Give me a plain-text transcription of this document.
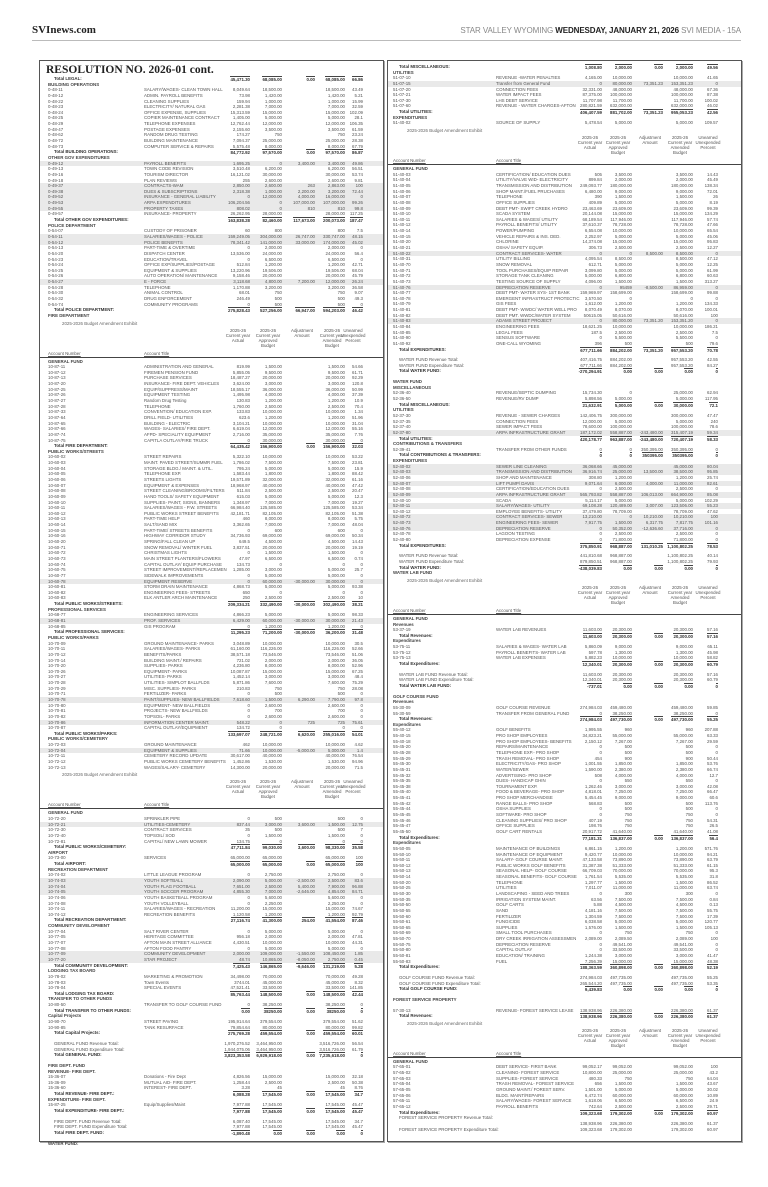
SVInews.com	STAR VALLEY WYOMING WEDNESDAY, JANUARY 21, 2026 SVI MEDIA - 15A
RESOLUTION NO. 2026-01 cont.
Total LEGAL:	45,471.30	68,085.00	0.00 68,085.00 66.86
BUILDING OPERATIONS
0-48-11	SALARY/WAGES- CLEAN TOWN HALL 8,049.64	18,500.00	18,500.00 43.49
0-48-12	ADMIN. PAYROLL BENEFITS	73.98	1,420.00	1,420.00 5.21
0-48-22	CLEANING SUPPLIES	159.94	1,000.00	1,000.00 15.99
0-48-23	ELECTRICITY/ NATURAL GAS	2,281.38	7,000.00	7,000.00 32.59
0-48-24	OFFICE EXPENSE, SUPPLIES	15,313.59	15,000.00	15,000.00 102.09
0-48-25	COPIER MAINTENANCE CONTRACT	1,405.00	5,000.00	5,000.00 28.1
0-48-29	TELEPHONE EXPENSES	12,762.44	12,000.00	12,000.00 106.35
0-48-47	POSTAGE EXPENSES	2,155.60	3,500.00	3,500.00 61.59
0-48-62	RANDOM DRUG TESTING	174.27	750	750 23.24
0-48-72	BUILDING MAINTENANCE	7,094.37	25,000.00	25,000.00 28.38
0-48-73	COMPUTER SERVICE & REPAIRS	5,575.48	8,000.00	8,000.00 67.79
Total BUILDING OPERATIONS:	84,772.92	97,570.00	0.00 97,570.00 86.87
OTHER GOV EXPENDITURES
0-49-12	PAYROLL BENEFITS	1,695.25	0	3,400.00	3,400.00 49.86
0-49-13	TOWN CODE REVISION	3,510.48	6,200.00	6,200.00 56.51
0-49-16	TOURISM DIRECTOR	16,121.02	30,000.00	30,000.00 53.74
0-49-18	PLAN REVIEWS	255	2,600.00	2,600.00 9.81
0-49-37	CONTRACTS-WAM	2,850.00	2,600.00	263	2,863.00 100
0-49-38	DUES & SUBSCRIPTIONS	2,318.38	1,000.00	2,200.00	3,200.00 72.44
0-49-52	INSURANCE - GENERAL LIABILITY	0	12,000.00	4,000.00 16,000.00	0
0-49-53	ARPA EXPENDITURES	106,204.56	0	107,000.00 107,000.00 99.26
0-49-55	PROPERTY TAXES	808.02	0	810	810 99.8
0-49-57	INSURANCE- PROPERTY	26,262.95	28,000.00	28,000.00 117.25
Total OTHER GOV EXPENDITURES:	163,838.28	82,460.00	117,673.00 200,073.00 187.47
POLICE DEPARTMENT
0-54-07	CUSTODY OF PRISONER	60	800	800	7.5
0-54-11	SALARIES/WAGES - POLICE	159,249.05 304,000.00	26,747.00 330,747.00 48.15
0-54-12	POLICE BENEFITS	78,341.42 141,000.00	33,000.00 174,000.00 45.02
0-54-13	PART-TIME & OVERTIME	0	2,000.00	2,000.00	0
0-54-20	DISPATCH CENTER	13,536.00	24,000.00	24,000.00 56.4
0-54-23	EDUCATION/TRAVEL	0	6,500.00	6,500.00	0
0-54-24	OFFICE EXP/SUPPLIES/POSTAGE	512.84	1,200.00	1,200.00 42.71
0-54-25	EQUIPMENT & SUPPLIES	13,220.96	19,506.00	19,506.00 68.04
0-54-26	AUTO OPERATION/ MAINTENANCE	9,158.46	20,000.00	20,000.00 45.79
0-54-27	E - FORCE	3,118.68	4,800.00	7,200.00 12,000.00 26.24
0-54-28	TELEPHONE	1,170.88	3,200.00	3,200.00 36.58
0-54-30	ANIMAL CONTROL	68.01	750	750 9.07
0-54-32	DRUG ENFORCEMENT	246.49	500	500 49.3
0-54-74	COMMUNITY PROGRAMS	0	500	500	0
Total POLICE DEPARTMENT:	275,828.43 527,256.00	66,947.00 594,203.00 46.42
FIRE DEPARTMENT
2025-2026 Budget Amendment Exhibit
Account Number	Account Title
2025-26
Current year
Actual
2025-26
Current year
Approved
Budget
Adjustment
Amount
2025-26
Current year
Amended
Budget
Unearned
Unexpended
Percent
GENERAL FUND
10-87-11	ADMINISTRATION AND GENERAL	819.99	1,500.00	1,500.00 54.66
10-87-12	FIREMEN PENSION FUND	5,855.05	9,500.00	9,500.00 61.71
10-87-13	PURCHASE SERVICES	18,487.27	20,000.00	20,000.00 92.29
10-87-20	INSURANCE- FIRE DEPT. VEHICLES	3,624.00	3,000.00	3,000.00 120.8
10-87-25	EQUIP/SUPPRESS/MAINT	18,555.17	36,000.00	36,000.00 50.99
10-87-26	EQUIPMENT TESTING	1,495.98	4,000.00	4,000.00 37.39
10-87-27	Random Drug Testing	130.83	1,200.00	1,200.00 10.9
10-87-28	TELEPHONE	1,760.00	2,500.00	2,500.00 70.4
10-87-33	CONVENTION/ EDUCATION EXP.	133.83	10,000.00	10,000.00 1.34
10-87-64	DRILL FIELD- UTILITIES	623.6	1,200.00	1,200.00 51.96
10-87-65	BUILDING - ELECTRIC	3,104.21	10,000.00	10,000.00 31.04
10-87-66	WAGES- SALARIES/ FIRE DEPT.	6,619.04	12,000.00	12,000.00 55.16
10-87-74	AFPD- SPECIALITY EQUIPMENT	2,716.00	35,000.00	35,000.00 7.76
10-87-75	CAPITLA OUTLAY/FIRE TRUCK	0	30,000.00	30,000.00	0
Total FIRE DEPARTMENT:	64,435.42 156,900.00	0.00 156,900.00 32.03
PUBLIC WORKS/STREETS
10-60-02	STREET REPAIRS	5,322.10	10,000.00	10,000.00 53.22
10-60-03	MAINT. PAVED STREET/SUMMR FUEL 1,786.02	7,500.00	7,500.00 23.81
10-60-04	STORAGE BLDG./ MAINT. & UTIL.	795.24	5,000.00	5,000.00 15.9
10-60-05	TELEPHONE EXP.	1,583.44	1,800.00	1,800.00 88.42
10-60-06	STREETS LIGHTS	19,571.89	32,000.00	32,000.00 61.16
10-60-07	EQUIPMENT & EXPENSES	18,968.97	40,000.00	40,000.00 47.42
10-60-08	STREET CLEANING/BROOMS/FILTERS	511.84	2,500.00	2,500.00 20.47
10-60-09	HAND TOOLS/ SAFETY EQUIPMENT	615.03	5,000.00	5,000.00 12.3
10-60-10	SUPPLIES- PAINT, SIGNS, BANNERS	1,348.97	7,000.00	7,000.00 19.27
10-60-11	SALARIES/WAGES - P.W. STREETS	66,984.40 125,585.00	125,585.00 53.34
10-60-12	PUBLIC WORKS STREET BENEFITS	42,181.71	82,105.00	82,105.00 51.38
10-60-13	PART-TIME HELP	460	8,000.00	8,000.00 5.75
10-60-14	SALT/SAND MIX	3,362.65	7,000.00	7,000.00 48.04
10-60-15	PART-TIME/ STREETS BENEFITS	0	600	600	0
10-60-16	HIGHWAY CORRIDOR STUDY	34,736.93	69,000.00	69,000.00 50.34
10-60-20	SPRING/FALL CLEAN UP	649.5	4,500.00	4,500.00 14.43
10-60-71	SNOW REMOVAL/ WINTER FUEL	3,837.51	20,000.00	20,000.00 19.19
10-60-72	CHRISTMAS LIGHTS	0	1,500.00	1,500.00	0
10-60-73	MAIN STREET PLANTERS/FLOWERS	47.97	6,500.00	6,500.00 0.74
10-60-74	CAPITAL OUTLAY/ EQUIP PURCHASE	134.73	0	0	0
10-60-75	STREET IMPROVEMENT/REPLACEMEN 1,285.00	3,000.00	5,000.00 25.7
10-60-77	SIDEWALK IMPROVEMENTS	0	5,000.00	5,000.00	0
10-60-78	EQUIPMENT RESERVE	0	60,000.00	-30,000.00 30,000.00	0
10-60-81	STORM DRAIN MAINTENANCE	4,868.73	5,000.00	5,000.00 93.38
10-60-82	ENGINEERING FEES- STREETS	650	0	0	0
10-60-83	ELK ANTLER ARCH MAINTENANCE	250	2,500.00	2,500.00	10
Total PUBLIC WORKS/STREETS:	209,334.21 332,490.00	-30,000.00 302,490.00 38.21
PROFESSIONAL SERVICES
10-68-77	ENGINEERING SERVICES	4,866.23	5,000.00	5,000.00 98.33
10-68-81	PROF. SERVICES	6,429.00	60,000.00	-30,000.00 30,000.00 21.43
10-68-85	GIS PROGRAM	0	1,200.00	1,200.00	0
Total PROFESSIONAL SERVICES:	11,295.23	71,200.00	-30,000.00 36,200.00 31.48
PUBLIC WORKS/PARKS
10-70-09	GROUND MAINTENANCE- PARKS	3,048.89	10,000.00	10,000.00 30.5
10-70-11	SALARIES/WAGES- PARKS	61,160.00 116,226.00	116,226.00 52.66
10-70-12	BENEFITS/PARKS	38,571.18	73,546.00	73,546.00 51.06
10-70-14	BUILDING MAINT./ REPAIRS	721.02	2,000.00	2,000.00 36.05
10-70-20	SUPPLIES- PARKS	4,236.80	8,000.00	8,000.00 52.96
10-70-26	EQUIPMENT- PARKS	10,087.87	15,000.00	15,000.00 67.25
10-70-27	UTILITIES- PARKS	1,452.14	3,000.00	3,000.00 48.4
10-70-28	UTILITIES- SIMPLOT BALLFLDS	5,871.86	7,600.00	7,600.00 75.29
10-70-29	MISC. SUPPLIES- PARKS	210.83	750	750 28.08
10-70-71	FERTILIZER- PARKS	0	500	500	0
10-70-78	PAINT/SUPPLIES- NEW BALLFIELDS	7,618.60	1,500.00	6,290.00	7,790.00 97.8
10-70-80	EQUIPMENT- NEW BALLFIELDS	0	2,600.00	2,600.00	0
10-70-81	PROJECTS- NEW BALLFIELDS	0	700	700	0
10-70-82	TOPSOIL- PARKS	0	2,600.00	2,600.00	0
10-70-86	INFORMATION CENTER MAINT.	548.22	0	725	725 75.61
10-70-87	CAPITAL OUTLAY/EQUIPMENT	134.72	0	0	0
Total PUBLIC WORKS/PARKS:	133,697.07 248,721.00	6,620.00 255,016.00 54.01
PUBLIC WORKS/CEMETERY
10-72-03	GROUND MAINTENANCE	462	10,000.00	10,000.00 4.62
10-72-04	EQUIPMENT & SUPPLIES	71.66	10,000.00	-5,000.00	5,000.00	1.4
10-72-11	CEMETERY RECORD UPDATE	30,617.00	40,000.00	40,000.00 76.54
10-72-12	PUBLIC WORKS CEMETERY BENEFITS 1,452.86	1,530.00	1,530.00 94.96
10-72-13	WAGES/SALARY- CEMETERY	14,300.00	20,000.00	20,000.00 71.5
2025-2026 Budget Amendment Exhibit
Account Number	Account Title
2025-26
Current year
Actual
2025-26
Current year
Approved
Budget
Adjustment
Amount
2025-26
Current year
Amended
Budget
Unearned
Unexpended
Percent
GENERAL FUND
10-72-20	SPRINKLER PIPE	0	500	500	0
10-72-21	UTILITIES-CEMETERY	837.44	3,000.00	3,600.00	1,500.00 12.75
10-72-30	CONTRACT SERVICES	35	500	500	7
10-72-40	TOPSOIL/ SOD	0	1,500.00	1,500.00	0
10-72-81	CAPITAL/ NEW LAWN MOWER	134.75	0	0	0
Total PUBLIC WORKS/CEMETERY:	47,711.84	99,030.00	3,600.00 98,330.00 35.58
AIRPORT
10-73-00	SERVICES	65,000.00	65,000.00	65,000.00 100
Total AIRPORT:	65,000.00	65,000.00	0.00 65,000.00 100
RECREATION DEPARTMENT
10-74-02	LITTLE LEAGUE PROGRAM	0	2,750.00	2,750.00	0
10-74-03	YOUTH SOFTBALL	2,090.00	5,000.00	-2,500.00	2,500.00 83.6
10-74-04	YOUTH FLAG FOOTBALL	7,651.00	2,500.00	5,400.00	7,900.00 96.88
10-74-05	YOUTH SOCCER PROGRAM	4,855.30	7,000.00	-2,646.00	4,854.00 84.71
10-74-06	YOUTH BASKETBALL PROGRAM	0	5,600.00	5,600.00	0
10-74-08	YOUTH VOLLEYBALL	0	2,250.00	2,250.00	0
10-74-11	SALARIES/WAGES - RECREATION	11,200.00	15,000.00	15,000.00 74.67
10-74-12	RECREATION BENEFITS	1,120.58	1,200.00	1,200.00 92.79
Total RECREATION DEPARTMENT:	27,116.74	41,300.00	254.00 41,554.00 87.46
COMMUNITY DEVELOPMENT
10-77-04	SALT RIVER CENTER	0	5,000.00	5,000.00	0
10-77-05	HERITAGE COMMITTEE	956.18	2,000.00	2,000.00 47.81
10-77-07	AFTON MAIN STREET ALLIANCE	4,430.51	10,000.00	10,000.00 44.31
10-77-08	AFTON FOOD PANTRY	0	5,000.00	5,000.00	0
10-77-09	COMMUNITY DEVELOPMENT	2,000.00 109,000.00	-1,550.00 108,450.00 1.85
10-77-20	STAR PROJECT	48.74	10,865.00	-8,050.00	2,750.00 0.45
Total COMMUNITY DEVELOPMENT:	7,425.43 146,865.00	-9,646.00 131,219.00 5.28
LODGING TAX BOARD
10-78-02	MARKETING & PROMOTION	34,498.00	70,000.00	70,000.00 49.28
10-78-03	Town Events	3744.01	45,000.00	45,000.00 8.32
10-78-04	SPECIAL EVENTS	47,521.41	33,500.00	33,500.00 141.85
Total LODGING TAX BOARD:	85,763.44 148,500.00	0.00 148,500.00 42.44
TRANSFER TO OTHER FUNDS
10-80-50	TRANSFER TO GOLF COURSE FUND	0	38,250.00	38,250.00	0
Total TRANSFER TO OTHER FUNDS:	0.00	38250.00	0.00	38250.00	0
Capital Projects
10-90-70	STREET PAVING	195,914.64 379,554.00	379,554.00 51.62
10-90-85	TANK RESURFACE	79,854.64	80,000.00	80,000.00 99.82
Total Capital Projects:	275,769.28 459,554.00	0.00 459,554.00 60.01
GENERAL FUND Revenue Total:	1,970,276.52 3,464,950.00	3,516,726.00 56.54
GENERAL FUND Expenditure Total:	1,944,075.06 3,464,950.00	3,516,726.00 61.79
Total GENERAL FUND:	3,823,353.58 6,929,918.00	0.00 7,235,618.00	0
FIRE DEPT. FUND
REVENUE- FIRE DEPT.
15-36-07	Donations - Fire Dept	4,826.56	15,000.00	15,000.00 32.18
15-36-09	MUTUAL AID- FIRE DEPT.	1,258.44	2,500.00	2,500.00 50.38
15-36-60	INTEREST- FIRE DEPT.	3.28	45	45 8.76
Total REVENUE- FIRE DEPT.:	6,088.28	17,545.00	0.00 17,545.00 34.7
EXPENDITURE- FIRE DEPT.
15-87-25	Equip/Supplies/Maint	7,977.88	17,545.00	17,545.00 45.47
Total EXPENDITURE- FIRE DEPT.:	7,977.88	17,545.00	0.00 17,545.00 45.47
FIRE DEPT. FUND Revenue Total:	6,087.40	17,545.00	17,545.00 34.7
FIRE DEPT. FUND Expenditure Total:	7,977.88	17,545.00	17,545.00 45.47
Total FIRE DEPT. FUND:	-1,890.48	0.00	0.00	0.00	0
WATER FUND:
Total MISCELLANEOUS:	1,008.80	2,000.00	0.00	2,000.00	49.56
UTILITIES
51-07-10	REVENUE -WATER PENALTIES	4,165.00 10,000.00	10,000.00	41.65
51-07-15	Transfer from General Fund	0 80,000.00	73,351.23 153,351.23	0
51-07-20	CONNECTION FEES	32,331.00 48,000.00	48,000.00	67.36
51-07-21	WATER IMPACT FEES	87,375.00 100,000.00	100,000.00	87.38
51-07-30	LHS DEBT SERVICE	11,707.98 11,700.00	11,700.00	100.02
51-07-60	REVENUE - WATER CHARGES-AFTON 280,821.59 632,000.00	632,000.00	46.02
Total UTILITIES:	406,407.59 881,702.00	73,351.23 955,053.23	42.56
EXPENDITURES
51-40-02	SOURCE OF SUPPLY	5,478.54	5,000.00	5,000.00	109.57
2025-2026 Budget Amendment Exhibit
Account Number	Account Title
2025-26
Current year
Actual
2025-26
Current year
Approved
Budget
Adjustment
Amount
2025-26
Current year
Amended
Budget
Unearned
Unexpended
Percent
GENERAL FUND
51-40-03	CERTIFICATION/ EDUCATION DUES	505	3,500.00	3,500.00	14.43
51-40-04	UTILITY/VALVE WID- ELECTRICITY	899.84	2,000.00	2,000.00	45.49
51-40-05	TRANSMISSION AND DISTRIBUTION 249,093.77 180,000.00	180,000.00	138.34
51-40-06	SHOP MAINT./FUEL PRUCHASES	6,480.00	9,000.00	9,000.00	72.01
51-40-07	TELEPHONE	390	1,500.00	1,500.00	26
51-40-08	OFFICE SUPPLIES	409.89	5,000.00	5,000.00	8.19
51-40-09	DEBT PMT- SWIFT CREEK HYDRO	23,463.69 23,609.00	23,609.00	99.39
51-40-10	SCADA SYSTEM	20,144.08 15,000.00	15,000.00	134.29
51-40-11	SALARIES & WAGES/ UTILITY	68,189.54 117,946.00	117,946.00	57.74
51-40-12	PAYROLL BENEFITS/ UTILITY	37,610.37 78,728.00	78,728.00	47.66
51-40-14	POWER/PUMPING	6,554.08 10,000.00	10,000.00	65.54
51-40-15	VEHICLE REPAIRS & INS. DED.	2,252.97	5,000.00	5,000.00	45.06
51-40-20	CHLORINE	14,374.08 15,000.00	15,000.00	95.83
51-40-21	OSHA/ SAFETY EQUIP.	306.73	2,500.00	2,500.00	12.27
51-40-22	CONTRACT SERVICES- WATER	0	0	8,500.00	8,500.00	0
51-40-31	UTILITY BILLING	4,095.54	8,500.00	8,500.00	47.12
51-40-70	SNOW REMOVAL	612.71	5,000.00	5,000.00	12.25
51-40-71	TOOL PURCHASES/EQUIP REPAIR	3,099.80	5,000.00	5,000.00	61.99
51-40-72	STORAGE TANK CLEANING	5,000.00	6,800.00	6,800.00	60.63
51-40-73	TESTING SOURCE OF SUPPLY	4,096.00	1,500.00	1,500.00	313.27
51-40-76	DEPRECIATION RESERVE	0	95459	-8,500.00 86,959.00	0
51-40-77	DEBT PMT- WATER SYS- 1ST BANK 159,969.97 158,699.00	158,699.00	99.88
51-40-78	EMERGENT INFRASTRUCT PROTECTIC 3,570.50	0	0	0
51-40-79	GIS FEES	1,612.00	1,200.00	1,200.00	134.33
51-40-81	DEBT PMT- WWDC/ WATER WELL PRO 8,070.49	8,070.00	8,070.00	100.01
51-40-82	DEBT PMT. WWDC/WATER SYSTEM	50615.05 50,616.00	50,616.00	100
51-40-83	ADAMS STREET PROJECT	0 80,000.00	73,351.20 153,351.20	0
51-40-84	ENGINEERING FEES	18,621.25 10,000.00	10,000.00	186.21
51-40-85	LEGAL FEES	187.5	2,500.00	2,500.00	7.5
51-40-90	SENSUS SOFTWARE	0	5,500.00	5,500.00	0
51-40-92	ONE-CALL WYOMING	396	500	500	79.6
Total EXPENDITURES:	677,711.66 884,202.00	73,351.20 957,553.20	70.78
WATER FUND Revenue Total:	407,416.75 884,202.00	957,553.20	42.55
WATER FUND Expenditure Total:	677,711.66 884,202.00	957,553.20	84.27
Total WATER FUND:	-270,294.91	0.00	0.00	0.00	0
WATER FUND
MISCELLANEOUS
52-36-40	REVENUE/SEPTIC DUMPING	15,734.30	0	25,000.00	62.94
52-36-50	REVENUE/RV DUMP	5,898.56	5,000.00	5,000.00	117.95
Total MISCELLANEOUS:	21,632.91	5,000.00	0.00 30,000.00	72.1
UTILITIES
52-37-30	REVENUE - SEWER CHARGES	142,406.75 300,000.00	300,000.00	47.47
52-37-35	CONNECTION FEES	12,000.00	5,000.00	5,000.00	240
52-37-40	SEWER IMPACT FEES	78,600.00 100,000.00	100,000.00	78.6
52-37-80	ARPA INFRASTRUCTURE GRANT	187,172.02 558,887.00 -243,480.00 315,407.19	59.34
Total UTILITIES:	420,178.77 963,887.00 -243,480.00 720,407.19	58.33
CONTRIBUTIONS & TRANSFERS
52-39-41	TRANSFER FROM OTHER FUNDS	0	0 350,395.00 350,395.00	0
Total CONTRIBUTIONS & TRANSFERS:	0	0 350395.00 350395.00	0
EXPENDITURES
52-40-02	SEWER LINE CLEANING	36,068.66 45,000.00	45,000.00	80.04
52-40-03	TRANSMISSION AND DISTRIBUTION 36,916.74 25,000.00	13,500.00 38,500.00	95.85
52-40-06	SHOP AND MAINTENANCE	308.80	1,200.00	1,200.00	25.74
52-40-07	LIFT PUMP/ DAVIS	9,071.64	6,000.00	4,000.00 11,000.00	82.61
52-40-08	CERTIFICATION/EDUCATION DUES	0	2,500.00	2,500.00	0
52-40-09	ARPA INFRASTRUCTURE GRANT	565,793.82 558,887.00 106,013.00 664,900.00	85.08
52-40-10	SCADA	5,114.17	5,000.00	5,000.00	102.29
52-40-11	SALARY/WAGES- UTILITY	69,108.28 120,489.00	3,007.00 123,506.00	55.23
52-40-12	EMPLOYEE BENEFITS- UTILITY	37,479.80 78,709.00	78,709.00	47.62
52-40-72	CONTRACT SERVICES- SEWER	13,210.00	0	10,210.00 10,210.00	100
52-40-73	ENGINEERING FEES- SEWER	7,917.75	1,500.00	6,317.75	7,817.75	101.16
52-40-76	DEPRECIATION RESERVE	0 50,352.00 -12,636.60 37,716.00	0
52-40-78	LAGOON TESTING	0	2,500.00	2,500.00	0
52-40-80	DEPRECIATION EXPENSE	0 71,800.00	71,800.00	0
Total EXPENDITURES:	375,850.91 968,887.00 131,010.25 1,100,802.25	78.53
WATER FUND Revenue Total:	441,810.68 968,887.00	1,100,802.25	40.14
WATER FUND Expenditure Total:	879,850.51 968,887.00	1,100,802.25	79.93
Total WATER FUND:	-438,039.83	0.00	0.00	0.00	0
WATER LAB FUND
2025-2026 Budget Amendment Exhibit
Account Number	Account Title
2025-26
Current year
Actual
2025-26
Current year
Approved
Budget
Adjustment
Amount
2025-26
Current year
Amended
Budget
Unearned
Unexpended
Percent
GENERAL FUND
Revenues
53-37-19	WATER LAB REVENUES	11,603.00 20,300.00	20,300.00	57.16
Total Revenues:	11,603.00 20,300.00	0.00 20,300.00	57.16
Expenditures
53-75-11	SALARIES & WAGES- WATER LAB	5,860.09	9,000.00	9,000.00	65.11
53-75-12	PAYROLL BENEFITS- WATER LAB	597.78	1,300.00	1,300.00	45.98
53-75-13	WATER LAB EXPENSES	5,882.23 10,000.00	10,000.00	58.82
Total Expenditures:	12,340.01 20,300.00	0.00 20,300.00	60.79
WATER LAB FUND Revenue Total:	11,603.00 20,300.00	20,300.00	57.16
WATER LAB FUND Expenditure Total:	12,340.01 20,300.00	20,300.00	60.79
Total WATER LAB FUND:	-737.01	0.00	0.00	0.00	0
GOLF COURSE FUND
Revenues
55-30-09	GOLF COURSE REVENUE	274,984.03 459,480.00	459,480.00	59.85
55-30-59	TRANSFER FROM GENERAL FUND	0 38,250.00	38,250.00	0
Total Revenues:	274,984.03 497,730.00	0.00 497,730.00	55.25
Expenditures
55-40-12	GOLF BENEFITS	1,995.55	960	960	207.88
55-40-15	PRO SHOP EMPLOYEES	34,823.21 55,000.00	55,000.00	63.33
55-40-18	PRO SHOP EMPLOYEES- BENEFITS	2,150.12	7,267.00	7,267.00	29.59
55-45-20	REPAIRS/MAINTENANCE	0	500	500	0
55-45-28	TELEPHONE EXP.- PRO SHOP	0	500	500	0
55-45-29	TRASH REMOVAL- PRO SHOP	454	900	900	50.44
55-45-30	ELECTRICITY/GAS- PRO SHOP	1,001.55	1,850.00	1,850.00	53.76
55-45-31	WATER/SEWER	1,590.00	2,380.00	2,380.00	66.74
55-45-32	ADVERTISING- PRO SHOP	508	4,000.00	4,000.00	12.7
55-45-35	DUES- HANDICAP GHIN	0	550	550	0
55-45-38	TOURNAMENT EXP.	1,262.46	3,000.00	3,000.00	42.08
55-45-40	FOOD & BEVERAGE- PRO SHOP	4,818.01	7,250.00	7,250.00	66.47
55-45-41	PRO SHOP MERCHANDISE	5,454.45	9,000.00	9,000.00	60.6
55-45-42	RANGE BALLS- PRO SHOP	568.83	500	500	113.76
55-45-44	OSHA SUPPLIES	0	500	500	0
55-45-45	SOFTWARE- PRO SHOP	0	750	750	0
55-45-46	CLEANING SUPPLIES/ PRO SHOP	407.19	750	750	54.31
55-45-47	OFFICE SUPPLIES	198.76	750	750	26.5
55-45-50	GOLF CART RENTALS	20,917.72 41,640.00	41,640.00	41.08
Total Expenditures:	77,181.31 136,837.00	0.00 136,837.00	56.4
Expenditures
55-50-05	MAINTENANCE OF BUILDINGS	6,861.15	1,200.00	1,200.00	571.76
55-50-10	MAINTENANCE OF EQUIPMENT	9,420.77 10,000.00	10,000.00	94.21
55-50-11	SALARY- GOLF COURSE MAINT.	47,133.58 73,890.00	73,890.00	63.79
55-50-12	PUBLIC WORKS GOLF BENEFITS	31,387.38 51,333.00	51,333.00	61.15
55-50-13	SEASONAL HELP- GOLF COURSE	66,709.03 70,000.00	70,000.00	95.3
55-50-14	SEASONAL BENEFITS- GOLF COURSE 1,761.54	5,535.00	5,535.00	31.8
55-50-20	TELEPHONE	1,297.77	1,500.00	1,500.00	86.52
55-50-25	UTILITIES	7,011.07 11,000.00	11,000.00	63.74
55-50-30	LANDSCAPING - SEED AND TREES	0	300	300	0
55-50-35	IRRIGATION SYSTEM MAINT.	63.56	7,500.00	7,500.00	0.84
55-50-50	GOLF CARTS	5.88	4,500.00	4,500.00	0.13
55-50-55	SAND	4,181.16	7,500.00	7,500.00	55.75
55-50-60	FERTILIZER	1,304.59	7,500.00	7,500.00	17.39
55-50-61	FUNGICIDE	6,038.58	5,000.00	5,000.00	120.77
55-50-65	SUPPLIES	1,576.00	1,500.00	1,500.00	105.13
55-50-69	SMALL TOOL PURCHASES	0	750	750	0
55-50-70	DRY CREEK IRRIGATION ASSESSMEN 2,089.00	2,089.50	2,089.00	100
55-50-75	DEPRECIATION RESERVE	0 49,541.00	49,541.00	0
55-50-80	CAPITAL OUTLAY	0 33,500.00	33,500.00	0
55-50-81	EDUCATION/ TRAINING	1,244.38	3,000.00	3,000.00	41.47
55-50-83	FUEL	7,256.39 15,000.00	15,000.00	48.38
Total Expenditures:	188,363.59 360,898.00	0.00 360,898.00	52.19
GOLF COURSE FUND Revenue Total:	274,984.03 497,735.00	497,735.00	55.25
GOLF COURSE FUND Expenditure Total:	265,544.20 497,735.00	497,735.00	53.35
Total GOLF COURSE FUND:	9,439.83	0.00	0.00	0.00	0
FOREST SERVICE PROPERTY
57-30-13	REVENUE- FOREST SERVICE LEASE 138,938.96 226,380.00	226,380.00	61.37
Total Revenues:	138,938.96 226,380.00	0.00 226,380.00	61.37
2025-2026 Budget Amendment Exhibit
Account Number	Account Title
2025-26
Current year
Actual
2025-26
Current year
Approved
Budget
Adjustment
Amount
2025-26
Current year
Amended
Budget
Unearned
Unexpended
Percent
GENERAL FUND
57-65-01	DEBT SERVICE- FIRST BANK	99,052.17 99,052.00	99,052.00	100
57-65-02	CLEANING- FOREST SERVICE	10,800.00 25,000.00	25,000.00	43.2
57-65-03	SUPPLIES- FOREST SERVICE	480.33	750	750	64.04
57-65-04	TRASH REMOVAL- FOREST SERVICE	656	1,500.00	1,500.00	43.67
57-65-05	GROUND MAINT./ FOREST SERV.	1,501.00	5,000.00	5,000.00	30.02
57-65-06	BLDG. MAINT/REPAIRS	6,472.74 60,000.00	60,000.00	10.89
57-65-11	SALARY/WAGES- FOREST SERVICE	1,618.06	6,500.00	6,500.00	24.9
57-65-12	PAYROLL BENEFITS	742.64	2,500.00	2,500.00	29.71
Total Expenditures:	109,323.68 179,302.00	0.00 179,302.00	60.97
FOREST SERVICE PROPERTY Revenue Total:
138,938.96 226,380.00	226,380.00	61.37
FOREST SERVICE PROPERTY Expenditure Total:	109,323.68 179,302.00	179,302.00	60.97
